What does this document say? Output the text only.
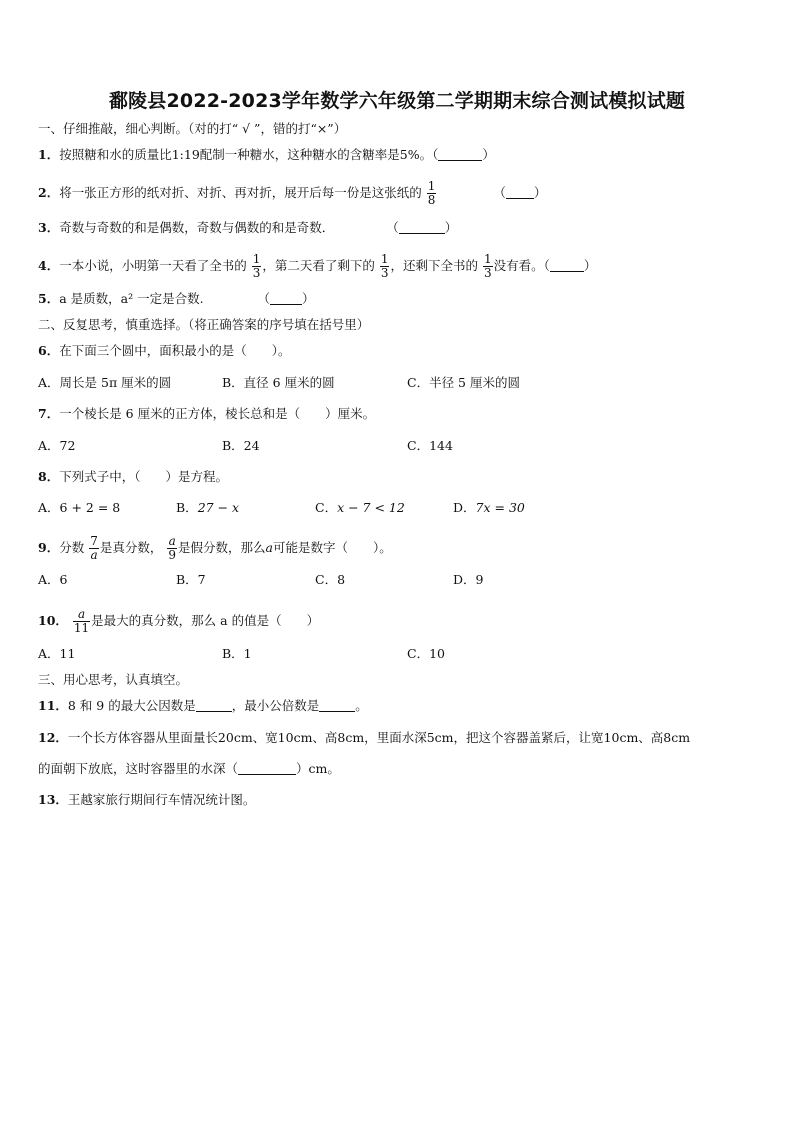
鄱陵县2022-2023学年数学六年级第二学期期末综合测试模拟试题
一、仔细推敲，细心判断。（对的打“ √ ”，错的打“×”）
1．按照糖和水的质量比1:19配制一种糖水，这种糖水的含糖率是5%。（	）
2．将一张正方形的纸对折、对折、再对折，展开后每一份是这张纸的 $\frac{1}{8}$	（ ）
3．奇数与奇数的和是偶数，奇数与偶数的和是奇数．	（	）
4．一本小说，小明第一天看了全书的 $\frac{1}{3}$ ，第二天看了剩下的 $\frac{1}{3}$ ，还剩下全书的 $\frac{1}{3}$ 没有看。（	）
5．a 是质数，a² 一定是合数.	（	）
二、反复思考，慎重选择。（将正确答案的序号填在括号里）
6．在下面三个圆中，面积最小的是（　　）。
A．周长是 5π 厘米的圆	B．直径 6 厘米的圆	C．半径 5 厘米的圆
7．一个棱长是 6 厘米的正方体，棱长总和是（　　）厘米。
A．72	B．24	C．144
8．下列式子中，（　　）是方程。
A．6 + 2 = 8	B．27 − x	C．x − 7 < 12	D．7x = 30
9．分数 $\frac{7}{a}$ 是真分数， $\frac{a}{9}$ 是假分数，那么a可能是数字（　　）。
A．6	B．7	C．8	D．9
10． $\frac{a}{11}$ 是最大的真分数，那么 a 的值是（　　）
A．11	B．1	C．10
三、用心思考，认真填空。
11．8 和 9 的最大公因数是	，最小公倍数是	。
12．一个长方体容器从里面量长20cm、宽10cm、高8cm，里面水深5cm，把这个容器盖紧后，让宽10cm、高8cm
的面朝下放底，这时容器里的水深（	）cm。
13．王越家旅行期间行车情况统计图。
